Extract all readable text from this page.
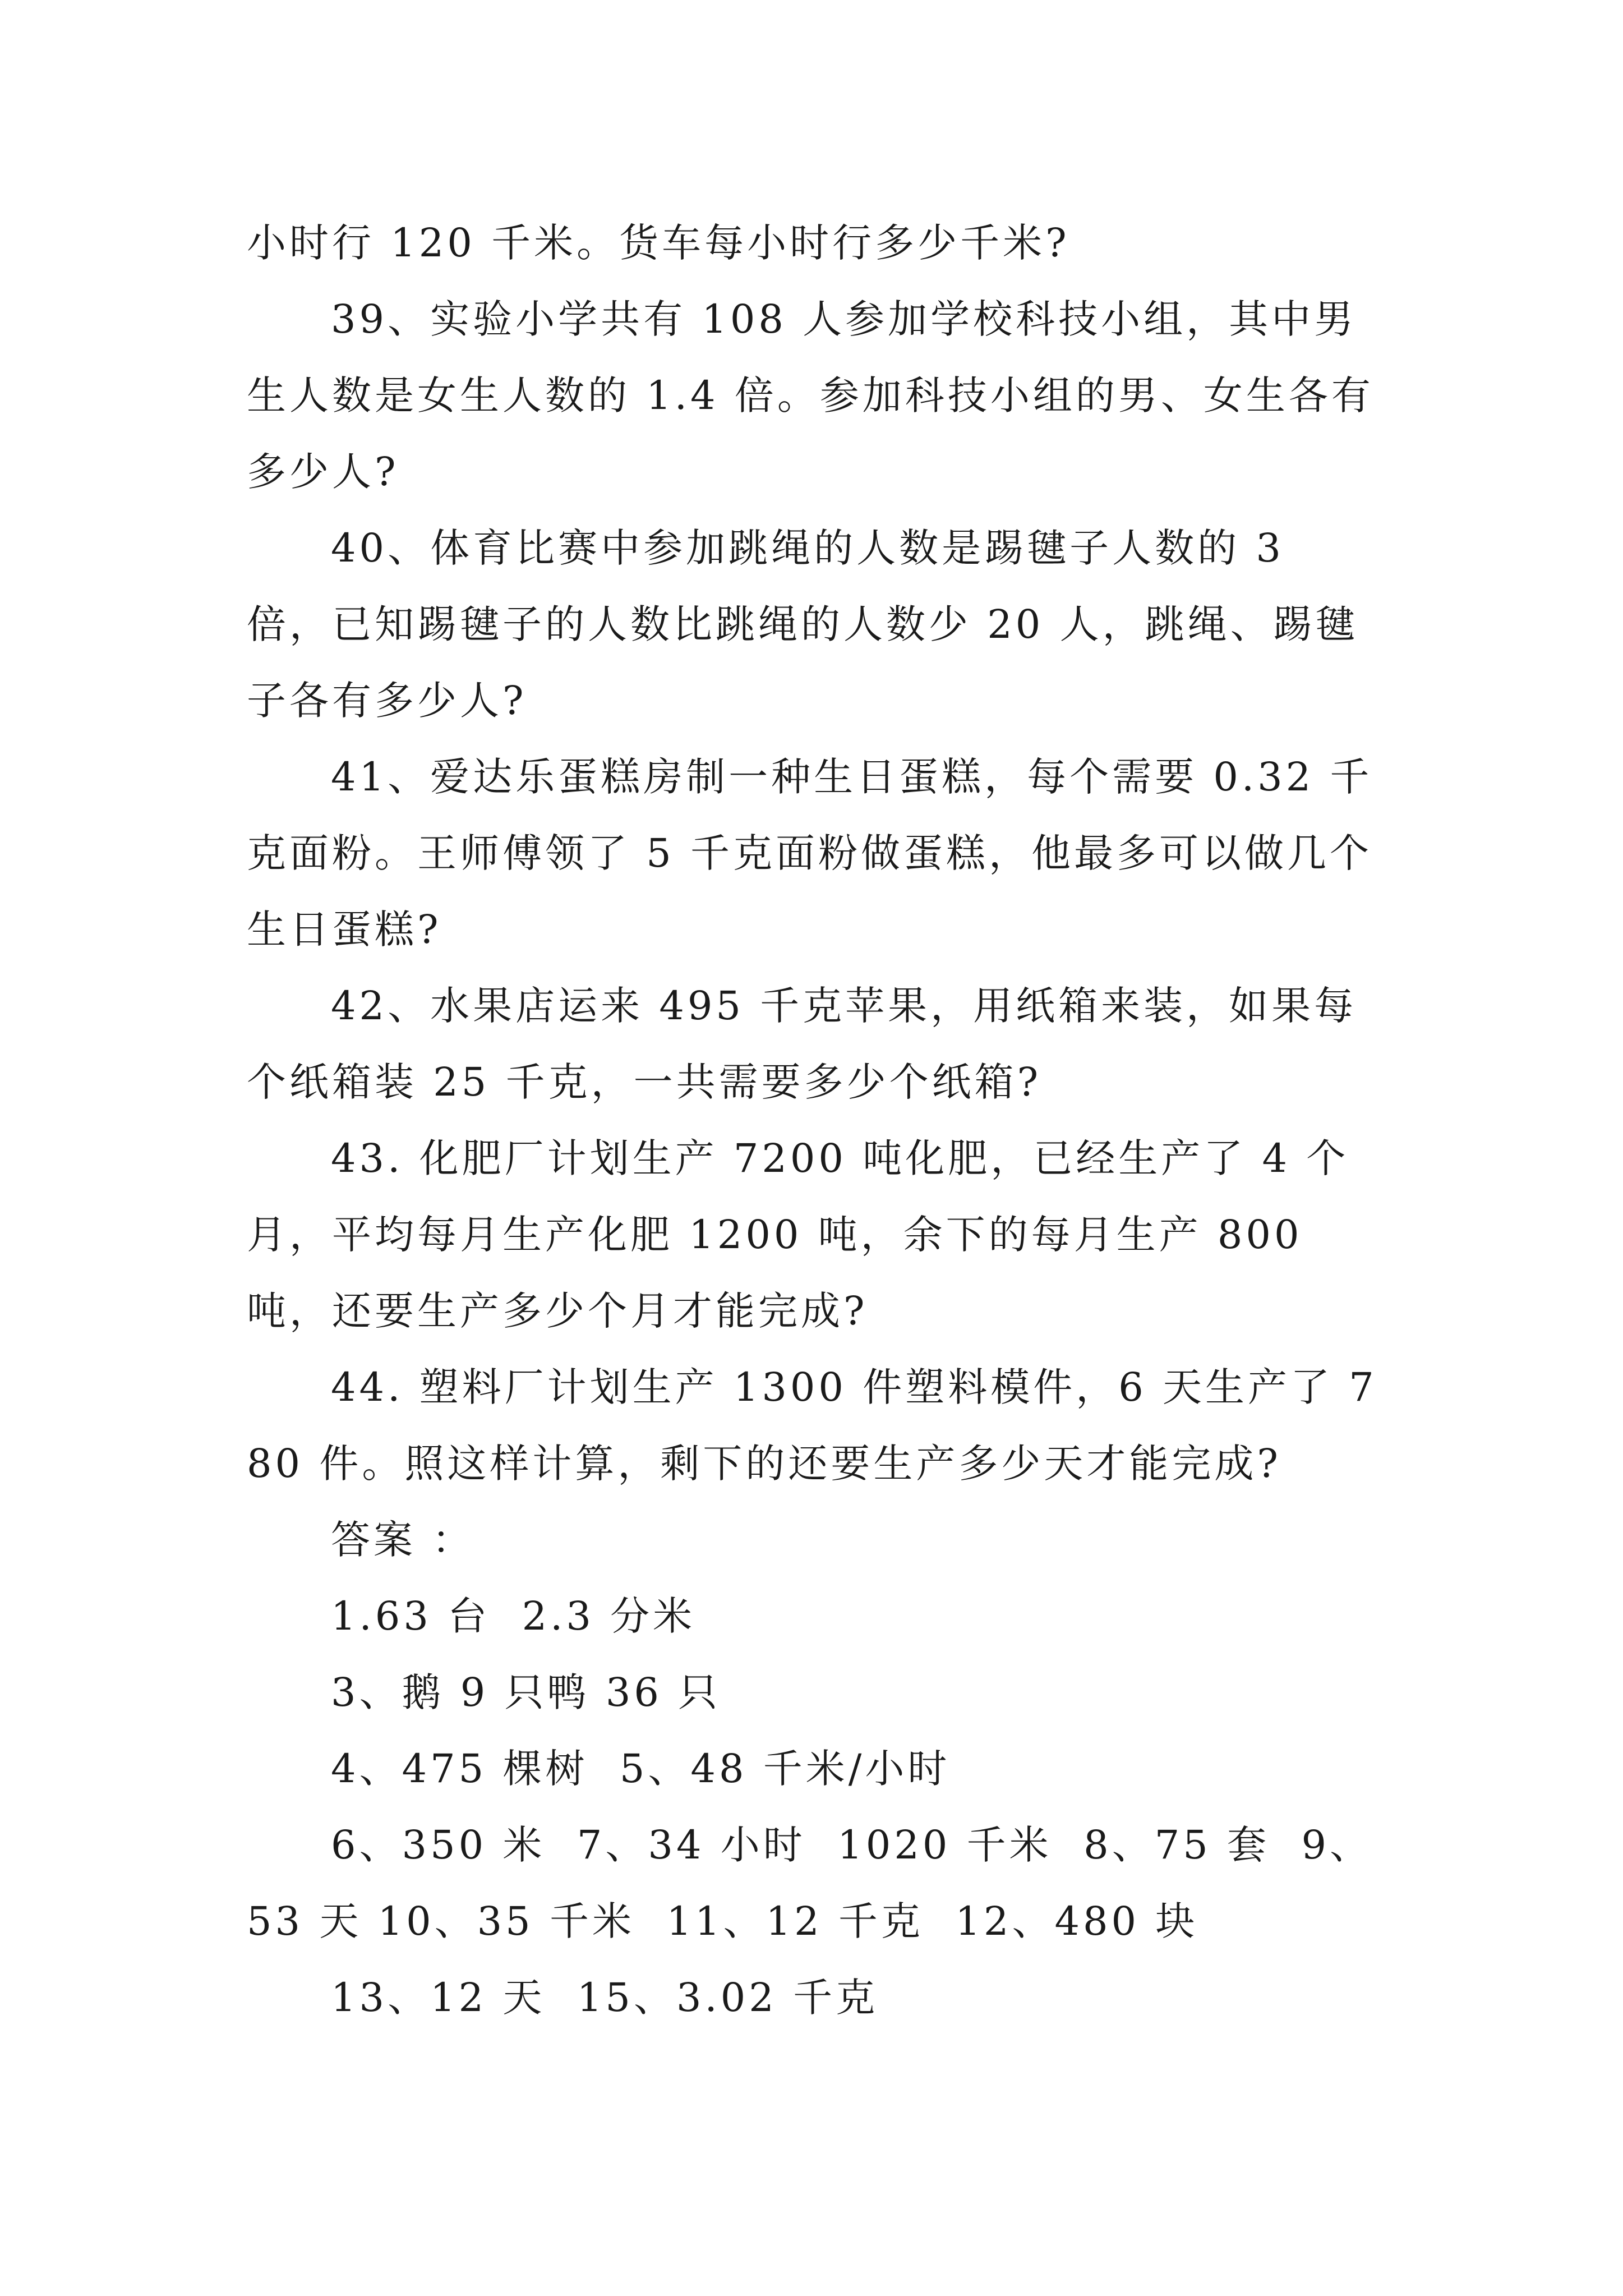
小时行 120 千米。货车每小时行多少千米?

39、实验小学共有 108 人参加学校科技小组，其中男生人数是女生人数的 1.4 倍。参加科技小组的男、女生各有多少人?

40、体育比赛中参加跳绳的人数是踢毽子人数的 3 倍，已知踢毽子的人数比跳绳的人数少 20 人，跳绳、踢毽子各有多少人?

41、爱达乐蛋糕房制一种生日蛋糕，每个需要 0.32 千克面粉。王师傅领了 5 千克面粉做蛋糕，他最多可以做几个生日蛋糕?

42、水果店运来 495 千克苹果，用纸箱来装，如果每个纸箱装 25 千克，一共需要多少个纸箱?

43. 化肥厂计划生产 7200 吨化肥，已经生产了 4 个月，平均每月生产化肥 1200 吨，余下的每月生产 800 吨，还要生产多少个月才能完成?

44. 塑料厂计划生产 1300 件塑料模件，6 天生产了 780 件。照这样计算，剩下的还要生产多少天才能完成?

答案 ：

1.63 台  2.3 分米

3、鹅 9 只鸭 36 只

4、475 棵树  5、48 千米/小时

6、350 米  7、34 小时  1020 千米  8、75 套  9、53 天 10、35 千米  11、12 千克  12、480 块

13、12 天  15、3.02 千克
